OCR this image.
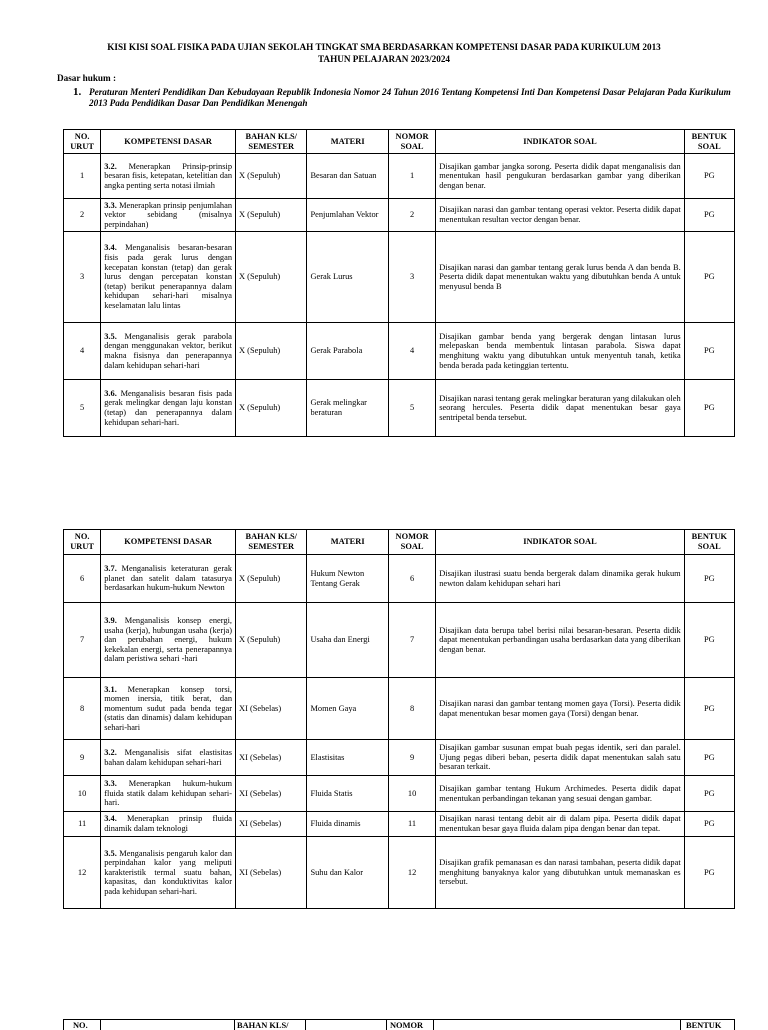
KISI KISI SOAL FISIKA PADA UJIAN SEKOLAH TINGKAT SMA BERDASARKAN KOMPETENSI DASAR PADA KURIKULUM 2013
TAHUN PELAJARAN 2023/2024
Dasar hukum :
1. Peraturan Menteri Pendidikan Dan Kebudayaan Republik Indonesia Nomor 24 Tahun 2016 Tentang Kompetensi Inti Dan Kompetensi Dasar Pelajaran Pada Kurikulum 2013 Pada Pendidikan Dasar Dan Pendidikan Menengah
NO. URUT	KOMPETENSI DASAR	BAHAN KLS/ SEMESTER	MATERI	NOMOR SOAL	INDIKATOR SOAL	BENTUK SOAL
1	3.2. Menerapkan Prinsip-prinsip besaran fisis, ketepatan, ketelitian dan angka penting serta notasi ilmiah	X (Sepuluh)	Besaran dan Satuan	1	Disajikan gambar jangka sorong. Peserta didik dapat menganalisis dan menentukan hasil pengukuran berdasarkan gambar yang diberikan dengan benar.	PG
2	3.3. Menerapkan prinsip penjumlahan vektor sebidang (misalnya perpindahan)	X (Sepuluh)	Penjumlahan Vektor	2	Disajikan narasi dan gambar tentang operasi vektor. Peserta didik dapat menentukan resultan vector dengan benar.	PG
3	3.4. Menganalisis besaran-besaran fisis pada gerak lurus dengan kecepatan konstan (tetap) dan gerak lurus dengan percepatan konstan (tetap) berikut penerapannya dalam kehidupan sehari-hari misalnya keselamatan lalu lintas	X (Sepuluh)	Gerak Lurus	3	Disajikan narasi dan gambar tentang gerak lurus benda A dan benda B. Peserta didik dapat menentukan waktu yang dibutuhkan benda A untuk menyusul benda B	PG
4	3.5. Menganalisis gerak parabola dengan menggunakan vektor, berikut makna fisisnya dan penerapannya dalam kehidupan sehari-hari	X (Sepuluh)	Gerak Parabola	4	Disajikan gambar benda yang bergerak dengan lintasan lurus melepaskan benda membentuk lintasan parabola. Siswa dapat menghitung waktu yang dibutuhkan untuk menyentuh tanah, ketika benda berada pada ketinggian tertentu.	PG
5	3.6. Menganalisis besaran fisis pada gerak melingkar dengan laju konstan (tetap) dan penerapannya dalam kehidupan sehari-hari.	X (Sepuluh)	Gerak melingkar beraturan	5	Disajikan narasi tentang gerak melingkar beraturan yang dilakukan oleh seorang hercules. Peserta didik dapat menentukan besar gaya sentripetal benda tersebut.	PG
NO. URUT	KOMPETENSI DASAR	BAHAN KLS/ SEMESTER	MATERI	NOMOR SOAL	INDIKATOR SOAL	BENTUK SOAL
6	3.7. Menganalisis keteraturan gerak planet dan satelit dalam tatasurya berdasarkan hukum-hukum Newton	X (Sepuluh)	Hukum Newton Tentang Gerak	6	Disajikan ilustrasi suatu benda bergerak dalam dinamika gerak hukum newton dalam kehidupan sehari hari	PG
7	3.9. Menganalisis konsep energi, usaha (kerja), hubungan usaha (kerja) dan perubahan energi, hukum kekekalan energi, serta penerapannya dalam peristiwa sehari -hari	X (Sepuluh)	Usaha dan Energi	7	Disajikan data berupa tabel berisi nilai besaran-besaran. Peserta didik dapat menentukan perbandingan usaha berdasarkan data yang diberikan dengan benar.	PG
8	3.1. Menerapkan konsep torsi, momen inersia, titik berat, dan momentum sudut pada benda tegar (statis dan dinamis) dalam kehidupan sehari-hari	XI (Sebelas)	Momen Gaya	8	Disajikan narasi dan gambar tentang momen gaya (Torsi). Peserta didik dapat menentukan besar momen gaya (Torsi) dengan benar.	PG
9	3.2. Menganalisis sifat elastisitas bahan dalam kehidupan sehari-hari	XI (Sebelas)	Elastisitas	9	Disajikan gambar susunan empat buah pegas identik, seri dan paralel. Ujung pegas diberi beban, peserta didik dapat menentukan salah satu besaran terkait.	PG
10	3.3. Menerapkan hukum-hukum fluida statik dalam kehidupan sehari-hari.	XI (Sebelas)	Fluida Statis	10	Disajikan gambar tentang Hukum Archimedes. Peserta didik dapat menentukan perbandingan tekanan yang sesuai dengan gambar.	PG
11	3.4. Menerapkan prinsip fluida dinamik dalam teknologi	XI (Sebelas)	Fluida dinamis	11	Disajikan narasi tentang debit air di dalam pipa. Peserta didik dapat menentukan besar gaya fluida dalam pipa dengan benar dan tepat.	PG
12	3.5. Menganalisis pengaruh kalor dan perpindahan kalor yang meliputi karakteristik termal suatu bahan, kapasitas, dan konduktivitas kalor pada kehidupan sehari-hari.	XI (Sebelas)	Suhu dan Kalor	12	Disajikan grafik pemanasan es dan narasi tambahan, peserta didik dapat menghitung banyaknya kalor yang dibutuhkan untuk memanaskan es tersebut.	PG
NO.	BAHAN KLS/	NOMOR	BENTUK
